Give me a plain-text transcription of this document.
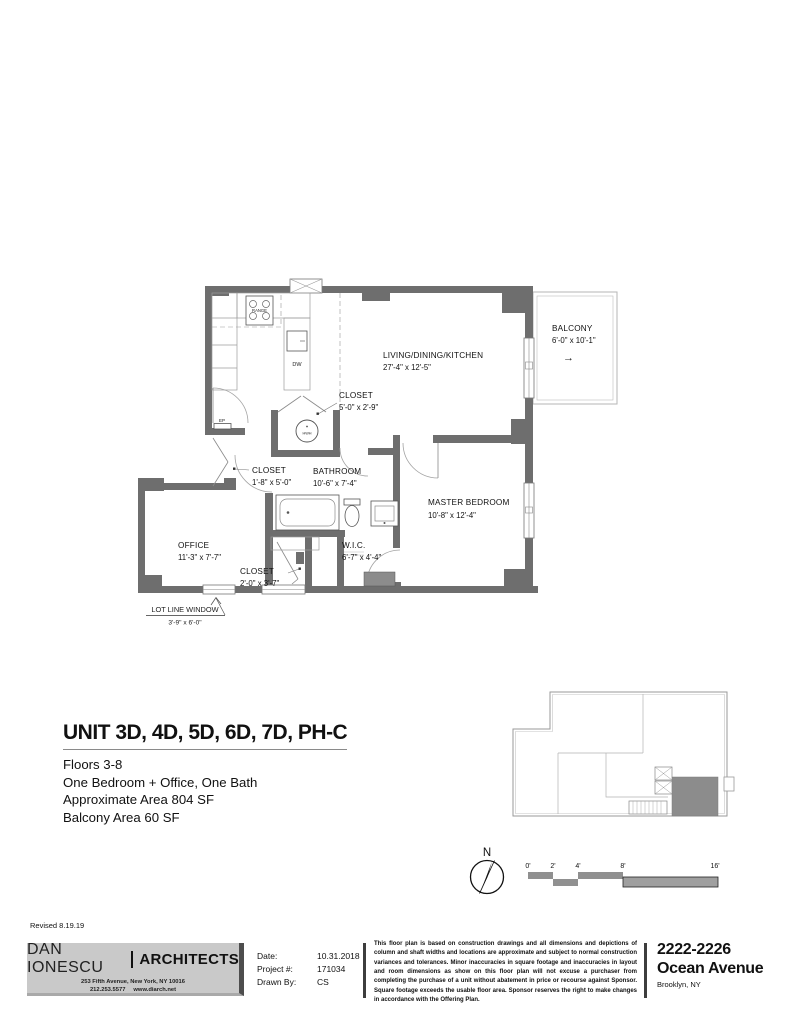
RANGE
DW
HWH
EP
LIVING/DINING/KITCHEN
27'-4" x 12'-5"
BALCONY
6'-0" x 10'-1"
→
CLOSET
5'-0" x 2'-9"
CLOSET
1'-8" x 5'-0"
BATHROOM
10'-6" x 7'-4"
MASTER BEDROOM
10'-8" x 12'-4"
W.I.C.
6'-7" x 4'-4"
OFFICE
11'-3" x 7'-7"
CLOSET
2'-0" x 3'-7"
LOT LINE WINDOW
3'-9" x 6'-0"
N
0'	2'	4'	8'	16'
UNIT 3D, 4D, 5D, 6D, 7D, PH-C

Floors 3-8

One Bedroom + Office, One Bath

Approximate Area 804 SF

Balcony Area 60 SF

Revised 8.19.19
DAN IONESCU	ARCHITECTS
253 Fifth Avenue, New York, NY 10016
212.253.5577 www.diarch.net
Date:	10.31.2018
Project #:	171034
Drawn By: CS
This floor plan is based on construction drawings and all dimensions and depictions of column and shaft widths and locations are approximate and subject to normal construction variances and tolerances. Minor inaccuracies in square footage and inaccuracies in layout and room dimensions as show on this floor plan will not excuse a purchaser from completing the purchase of a unit without abatement in price or recourse against Sponsor. Square footage exceeds the usable floor area. Sponsor reserves the right to make changes in accordance with the Offering Plan.
2222-2226
Ocean Avenue
Brooklyn, NY
